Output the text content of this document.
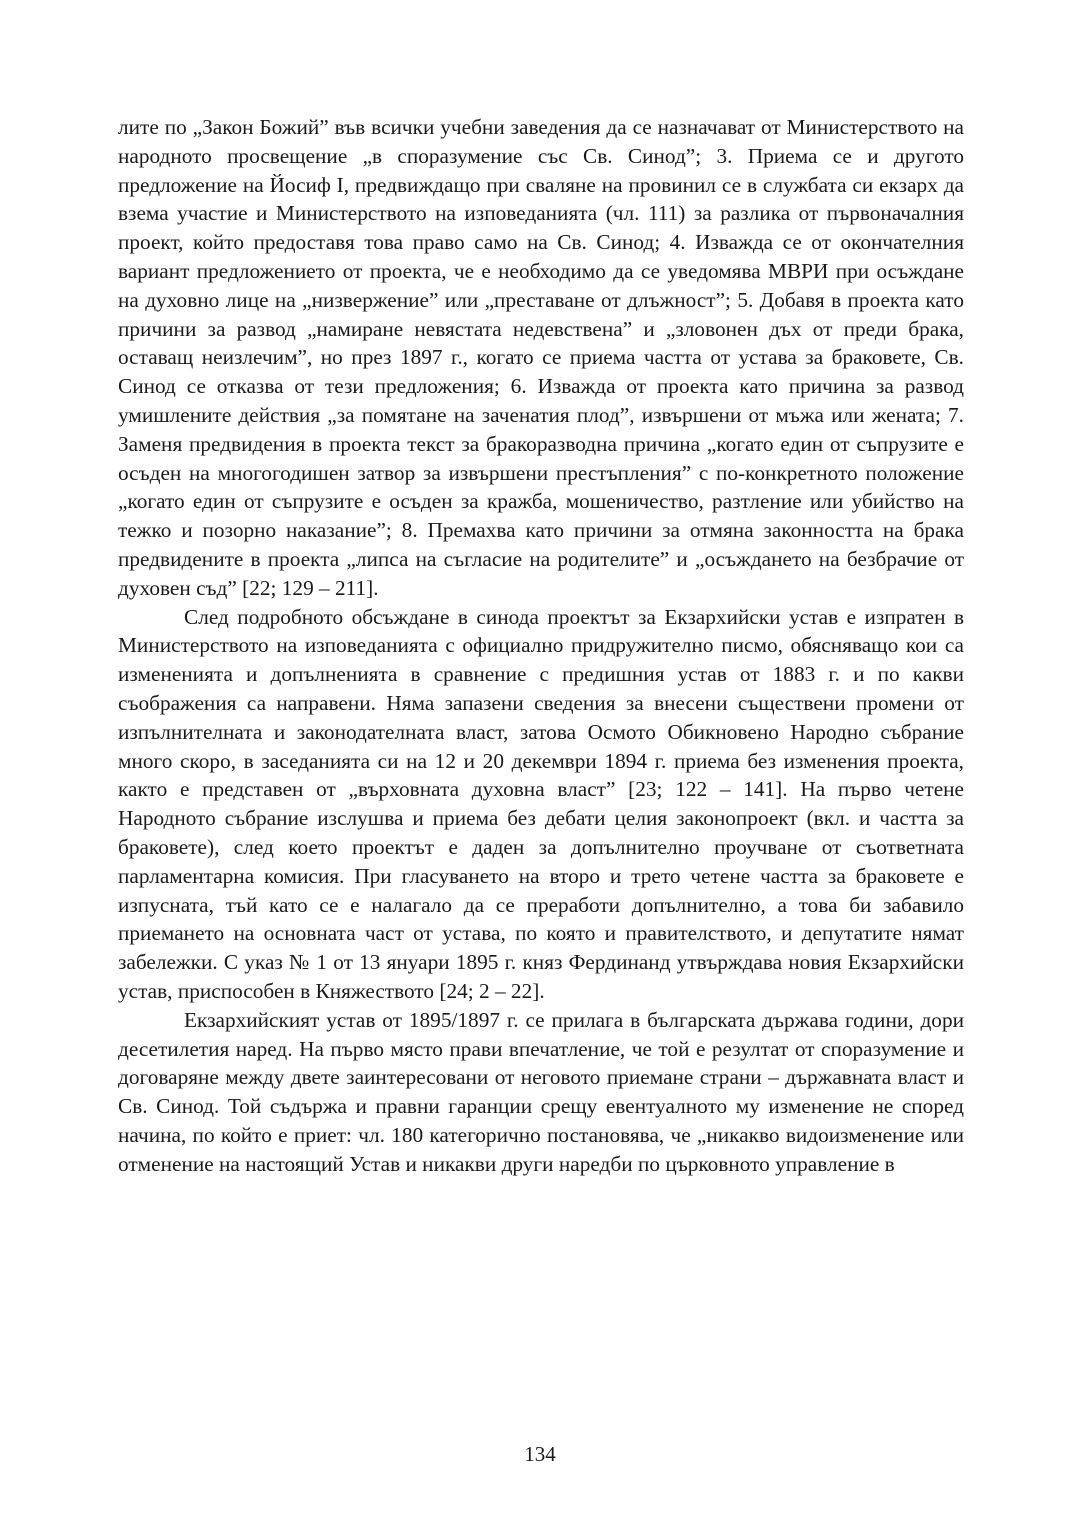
лите по „Закон Божий” във всички учебни заведения да се назначават от Министерството на народното просвещение „в споразумение със Св. Синод”; 3. Приема се и другото предложение на Йосиф I, предвиждащо при сваляне на провинил се в службата си екзарх да взема участие и Министерството на изповеданията (чл. 111) за разлика от първоначалния проект, който предоставя това право само на Св. Синод; 4. Изважда се от окончателния вариант предложението от проекта, че е необходимо да се уведомява МВРИ при осъждане на духовно лице на „низвержение” или „преставане от длъжност”; 5. Добавя в проекта като причини за развод „намиране невястата недевствена” и „зловонен дъх от преди брака, оставащ неизлечим”, но през 1897 г., когато се приема частта от устава за браковете, Св. Синод се отказва от тези предложения; 6. Изважда от проекта като причина за развод умишлените действия „за помятане на заченатия плод”, извършени от мъжа или жената; 7. Заменя предвидения в проекта текст за бракоразводна причина „когато един от съпрузите е осъден на многогодишен затвор за извършени престъпления” с по-конкретното положение „когато един от съпрузите е осъден за кражба, мошеничество, разтление или убийство на тежко и позорно наказание”; 8. Премахва като причини за отмяна законността на брака предвидените в проекта „липса на съгласие на родителите” и „осъждането на безбрачие от духовен съд” [22; 129 – 211].

След подробното обсъждане в синода проектът за Екзархийски устав е изпратен в Министерството на изповеданията с официално придружително писмо, обясняващо кои са измененията и допълненията в сравнение с предишния устав от 1883 г. и по какви съображения са направени. Няма запазени сведения за внесени съществени промени от изпълнителната и законодателната власт, затова Осмото Обикновено Народно събрание много скоро, в заседанията си на 12 и 20 декември 1894 г. приема без изменения проекта, както е представен от „върховната духовна власт” [23; 122 – 141]. На първо четене Народното събрание изслушва и приема без дебати целия законопроект (вкл. и частта за браковете), след което проектът е даден за допълнително проучване от съответната парламентарна комисия. При гласуването на второ и трето четене частта за браковете е изпусната, тъй като се е налагало да се преработи допълнително, а това би забавило приемането на основната част от устава, по която и правителството, и депутатите нямат забележки. С указ № 1 от 13 януари 1895 г. княз Фердинанд утвърждава новия Екзархийски устав, приспособен в Княжеството [24; 2 – 22].

Екзархийският устав от 1895/1897 г. се прилага в българската държава години, дори десетилетия наред. На първо място прави впечатление, че той е резултат от споразумение и договаряне между двете заинтересовани от неговото приемане страни – държавната власт и Св. Синод. Той съдържа и правни гаранции срещу евентуалното му изменение не според начина, по който е приет: чл. 180 категорично постановява, че „никакво видоизменение или отменение на настоящий Устав и никакви други наредби по църковното управление в

134
